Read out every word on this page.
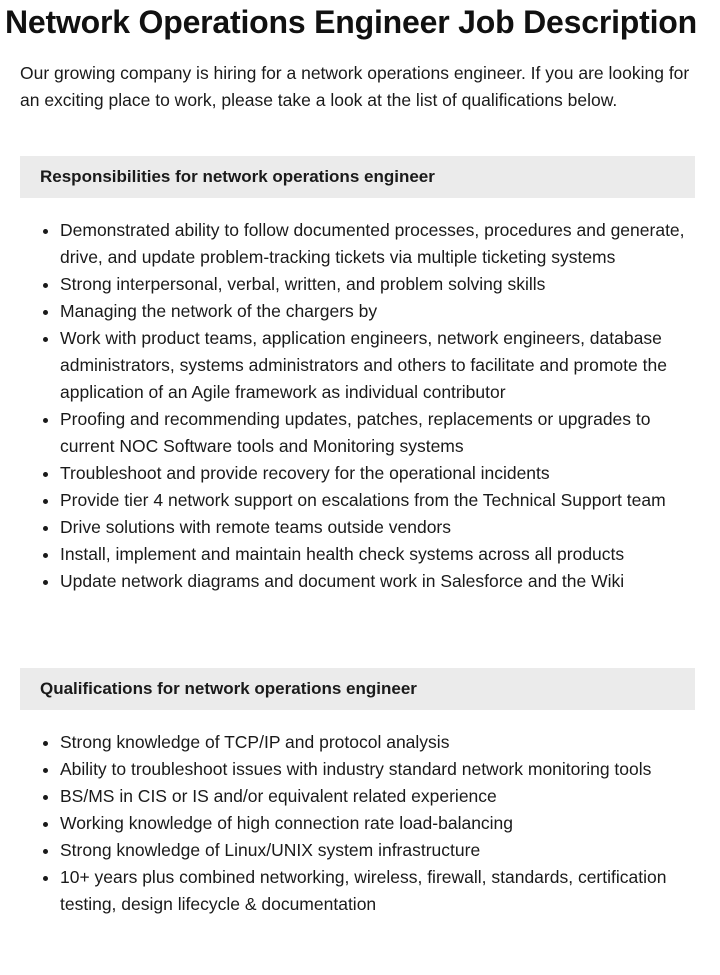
Network Operations Engineer Job Description

Our growing company is hiring for a network operations engineer. If you are looking for an exciting place to work, please take a look at the list of qualifications below.

Responsibilities for network operations engineer
• Demonstrated ability to follow documented processes, procedures and generate, drive, and update problem-tracking tickets via multiple ticketing systems
• Strong interpersonal, verbal, written, and problem solving skills
• Managing the network of the chargers by
• Work with product teams, application engineers, network engineers, database administrators, systems administrators and others to facilitate and promote the application of an Agile framework as individual contributor
• Proofing and recommending updates, patches, replacements or upgrades to current NOC Software tools and Monitoring systems
• Troubleshoot and provide recovery for the operational incidents
• Provide tier 4 network support on escalations from the Technical Support team
• Drive solutions with remote teams outside vendors
• Install, implement and maintain health check systems across all products
• Update network diagrams and document work in Salesforce and the Wiki
Qualifications for network operations engineer
• Strong knowledge of TCP/IP and protocol analysis
• Ability to troubleshoot issues with industry standard network monitoring tools
• BS/MS in CIS or IS and/or equivalent related experience
• Working knowledge of high connection rate load-balancing
• Strong knowledge of Linux/UNIX system infrastructure
• 10+ years plus combined networking, wireless, firewall, standards, certification testing, design lifecycle & documentation
